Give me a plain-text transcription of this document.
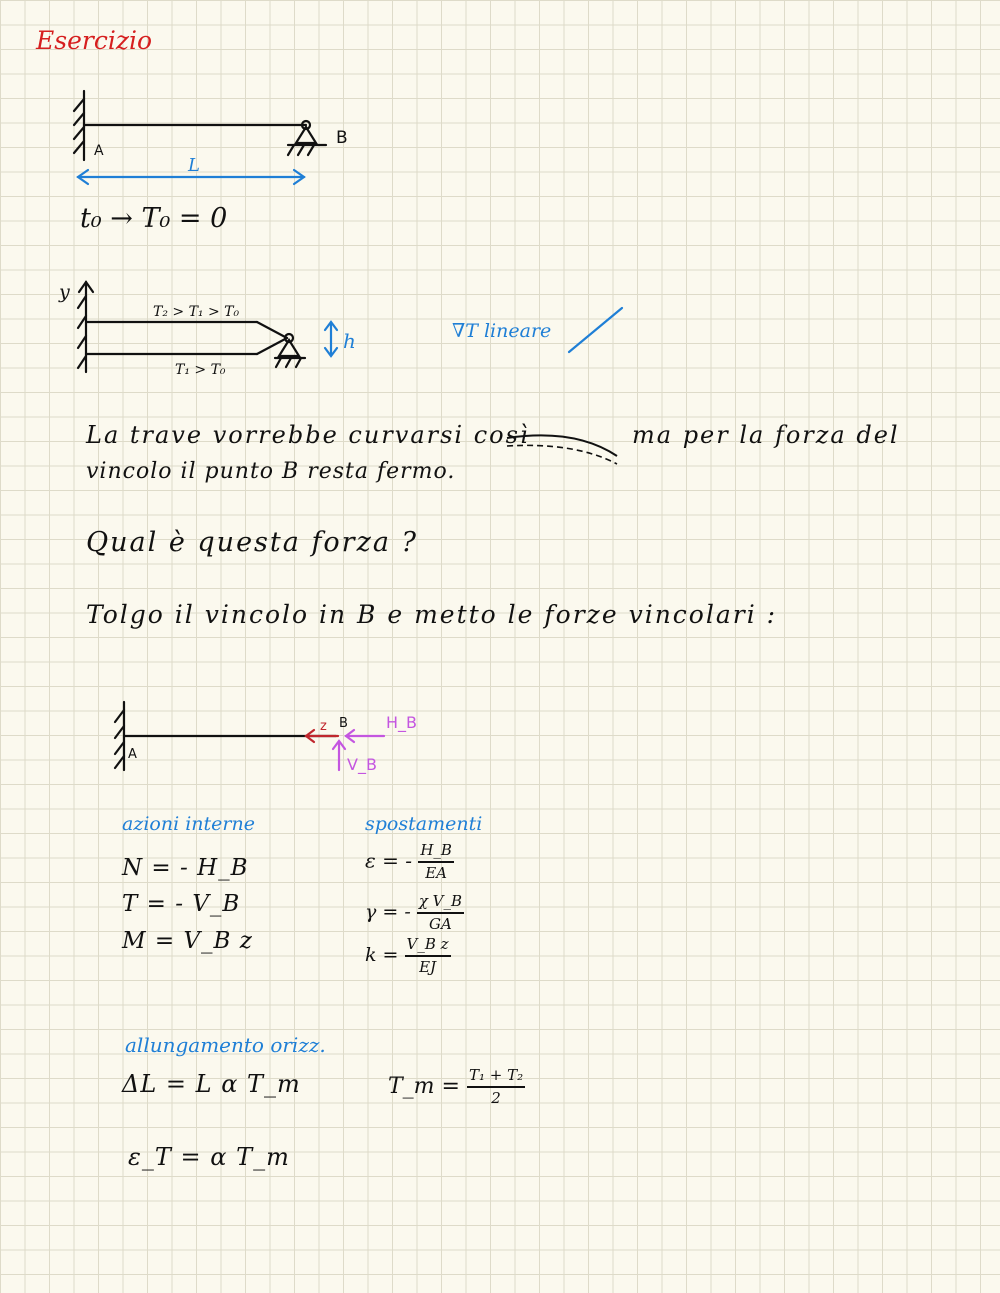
Esercizio
A
B
L
t₀ → T₀ = 0
y
T₂ > T₁ > T₀
T₁ > T₀
h	∇T lineare
La trave vorrebbe curvarsi così	ma per la forza del
vincolo il punto B resta fermo.
Qual è questa forza ?
Tolgo il vincolo in B e metto le forze vincolari :
A
z B H_B
V_B
azioni interne
N = - H_B
T = - V_B
M = V_B z
spostamenti
ε = - $\frac{H\_B}{EA}$
γ = - $\frac{\text{χ V\_B}}{GA}$
$k = \frac{\text{V\_B z}}{EJ}$
allungamento orizz.
ΔL = L α T_m	T_m = $\frac{\text{T₁ + T₂}}{2}$
ε_T = α T_m
